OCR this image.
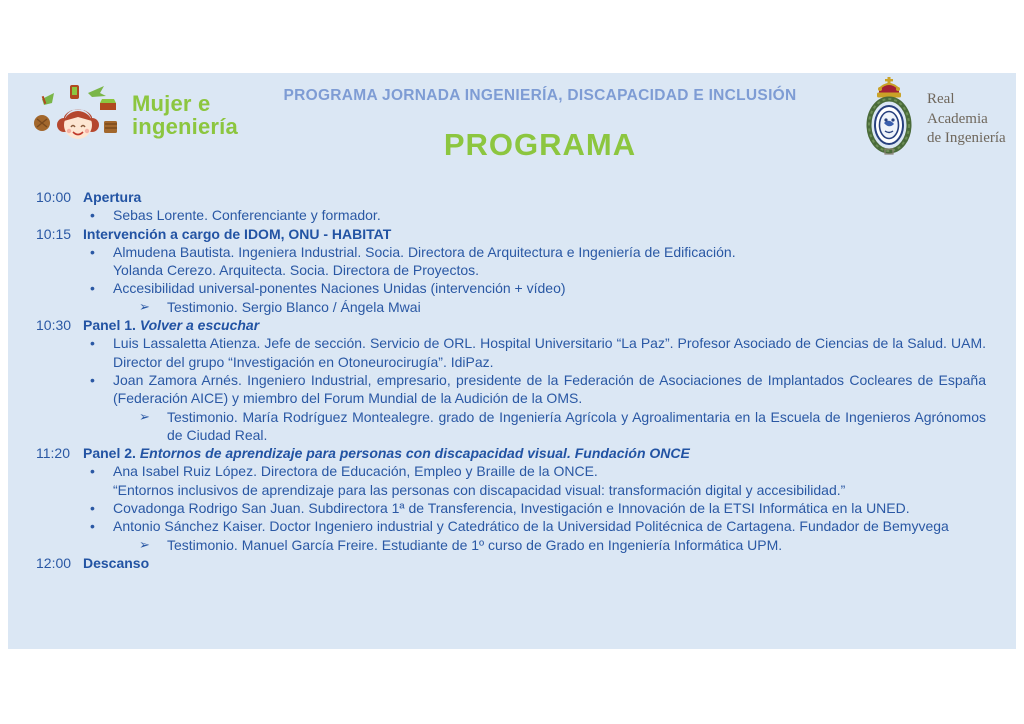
Mujer e
ingeniería
PROGRAMA JORNADA INGENIERÍA, DISCAPACIDAD E INCLUSIÓN
PROGRAMA
Real
Academia
de Ingeniería
10:00 Apertura
• Sebas Lorente. Conferenciante y formador.
10:15 Intervención a cargo de IDOM, ONU - HABITAT
• Almudena Bautista. Ingeniera Industrial. Socia. Directora de Arquitectura e Ingeniería de Edificación.
Yolanda Cerezo. Arquitecta. Socia. Directora de Proyectos.
• Accesibilidad universal-ponentes Naciones Unidas (intervención + vídeo)
➢ Testimonio. Sergio Blanco / Ángela Mwai
10:30 Panel 1. Volver a escuchar
• Luis Lassaletta Atienza. Jefe de sección. Servicio de ORL. Hospital Universitario “La Paz”. Profesor Asociado de Ciencias de la Salud. UAM. Director del grupo “Investigación en Otoneurocirugía”. IdiPaz.
• Joan Zamora Arnés. Ingeniero Industrial, empresario, presidente de la Federación de Asociaciones de Implantados Cocleares de España (Federación AICE) y miembro del Forum Mundial de la Audición de la OMS.
➢ Testimonio. María Rodríguez Montealegre. grado de Ingeniería Agrícola y Agroalimentaria en la Escuela de Ingenieros Agrónomos de Ciudad Real.
11:20 Panel 2. Entornos de aprendizaje para personas con discapacidad visual. Fundación ONCE
• Ana Isabel Ruiz López. Directora de Educación, Empleo y Braille de la ONCE.
“Entornos inclusivos de aprendizaje para las personas con discapacidad visual: transformación digital y accesibilidad.”
• Covadonga Rodrigo San Juan. Subdirectora 1ª de Transferencia, Investigación e Innovación de la ETSI Informática en la UNED.
• Antonio Sánchez Kaiser. Doctor Ingeniero industrial y Catedrático de la Universidad Politécnica de Cartagena. Fundador de Bemyvega
➢ Testimonio. Manuel García Freire. Estudiante de 1º curso de Grado en Ingeniería Informática UPM.
12:00 Descanso
